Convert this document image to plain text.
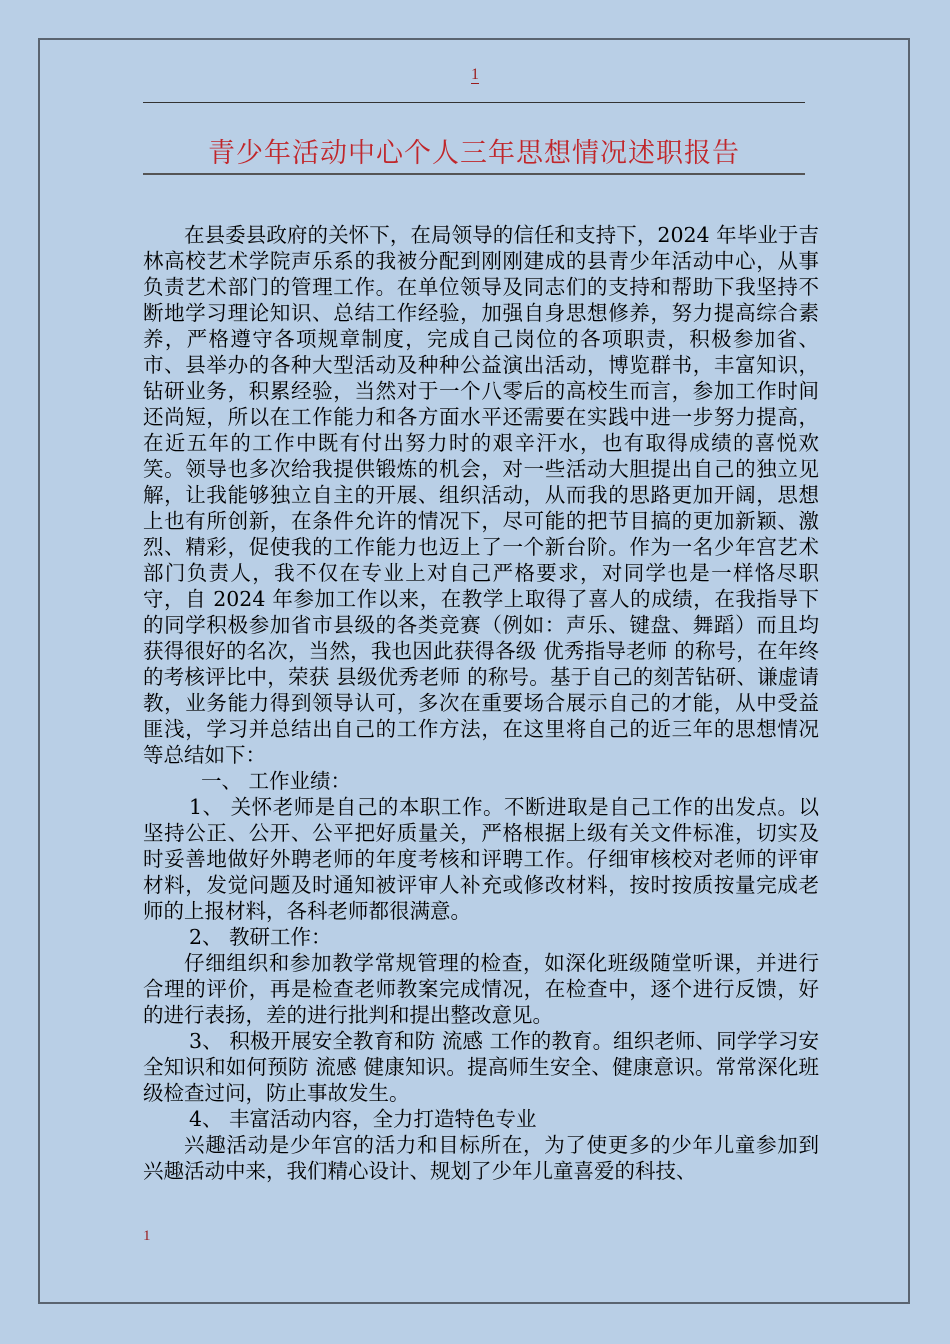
1
青少年活动中心个人三年思想情况述职报告

在县委县政府的关怀下，在局领导的信任和支持下，2024 年毕业于吉林高校艺术学院声乐系的我被分配到刚刚建成的县青少年活动中心，从事负责艺术部门的管理工作。在单位领导及同志们的支持和帮助下我坚持不断地学习理论知识、总结工作经验，加强自身思想修养，努力提高综合素养，严格遵守各项规章制度，完成自己岗位的各项职责，积极参加省、市、县举办的各种大型活动及种种公益演出活动，博览群书，丰富知识，钻研业务，积累经验，当然对于一个八零后的高校生而言，参加工作时间还尚短，所以在工作能力和各方面水平还需要在实践中进一步努力提高，在近五年的工作中既有付出努力时的艰辛汗水，也有取得成绩的喜悦欢笑。领导也多次给我提供锻炼的机会，对一些活动大胆提出自己的独立见解，让我能够独立自主的开展、组织活动，从而我的思路更加开阔，思想上也有所创新，在条件允许的情况下，尽可能的把节目搞的更加新颖、激烈、精彩，促使我的工作能力也迈上了一个新台阶。作为一名少年宫艺术部门负责人，我不仅在专业上对自己严格要求，对同学也是一样恪尽职守，自 2024 年参加工作以来，在教学上取得了喜人的成绩，在我指导下的同学积极参加省市县级的各类竞赛（例如：声乐、键盘、舞蹈）而且均获得很好的名次，当然，我也因此获得各级 优秀指导老师 的称号，在年终的考核评比中，荣获 县级优秀老师 的称号。基于自己的刻苦钻研、谦虚请教，业务能力得到领导认可，多次在重要场合展示自己的才能，从中受益匪浅，学习并总结出自己的工作方法，在这里将自己的近三年的思想情况等总结如下：

一、 工作业绩：

1、 关怀老师是自己的本职工作。不断进取是自己工作的出发点。以坚持公正、公开、公平把好质量关，严格根据上级有关文件标准，切实及时妥善地做好外聘老师的年度考核和评聘工作。仔细审核校对老师的评审材料，发觉问题及时通知被评审人补充或修改材料，按时按质按量完成老师的上报材料，各科老师都很满意。

2、 教研工作：

仔细组织和参加教学常规管理的检查，如深化班级随堂听课，并进行合理的评价，再是检查老师教案完成情况，在检查中，逐个进行反馈，好的进行表扬，差的进行批判和提出整改意见。

3、 积极开展安全教育和防 流感 工作的教育。组织老师、同学学习安全知识和如何预防 流感 健康知识。提高师生安全、健康意识。常常深化班级检查过问，防止事故发生。

4、 丰富活动内容，全力打造特色专业

兴趣活动是少年宫的活力和目标所在，为了使更多的少年儿童参加到兴趣活动中来，我们精心设计、规划了少年儿童喜爱的科技、

1
